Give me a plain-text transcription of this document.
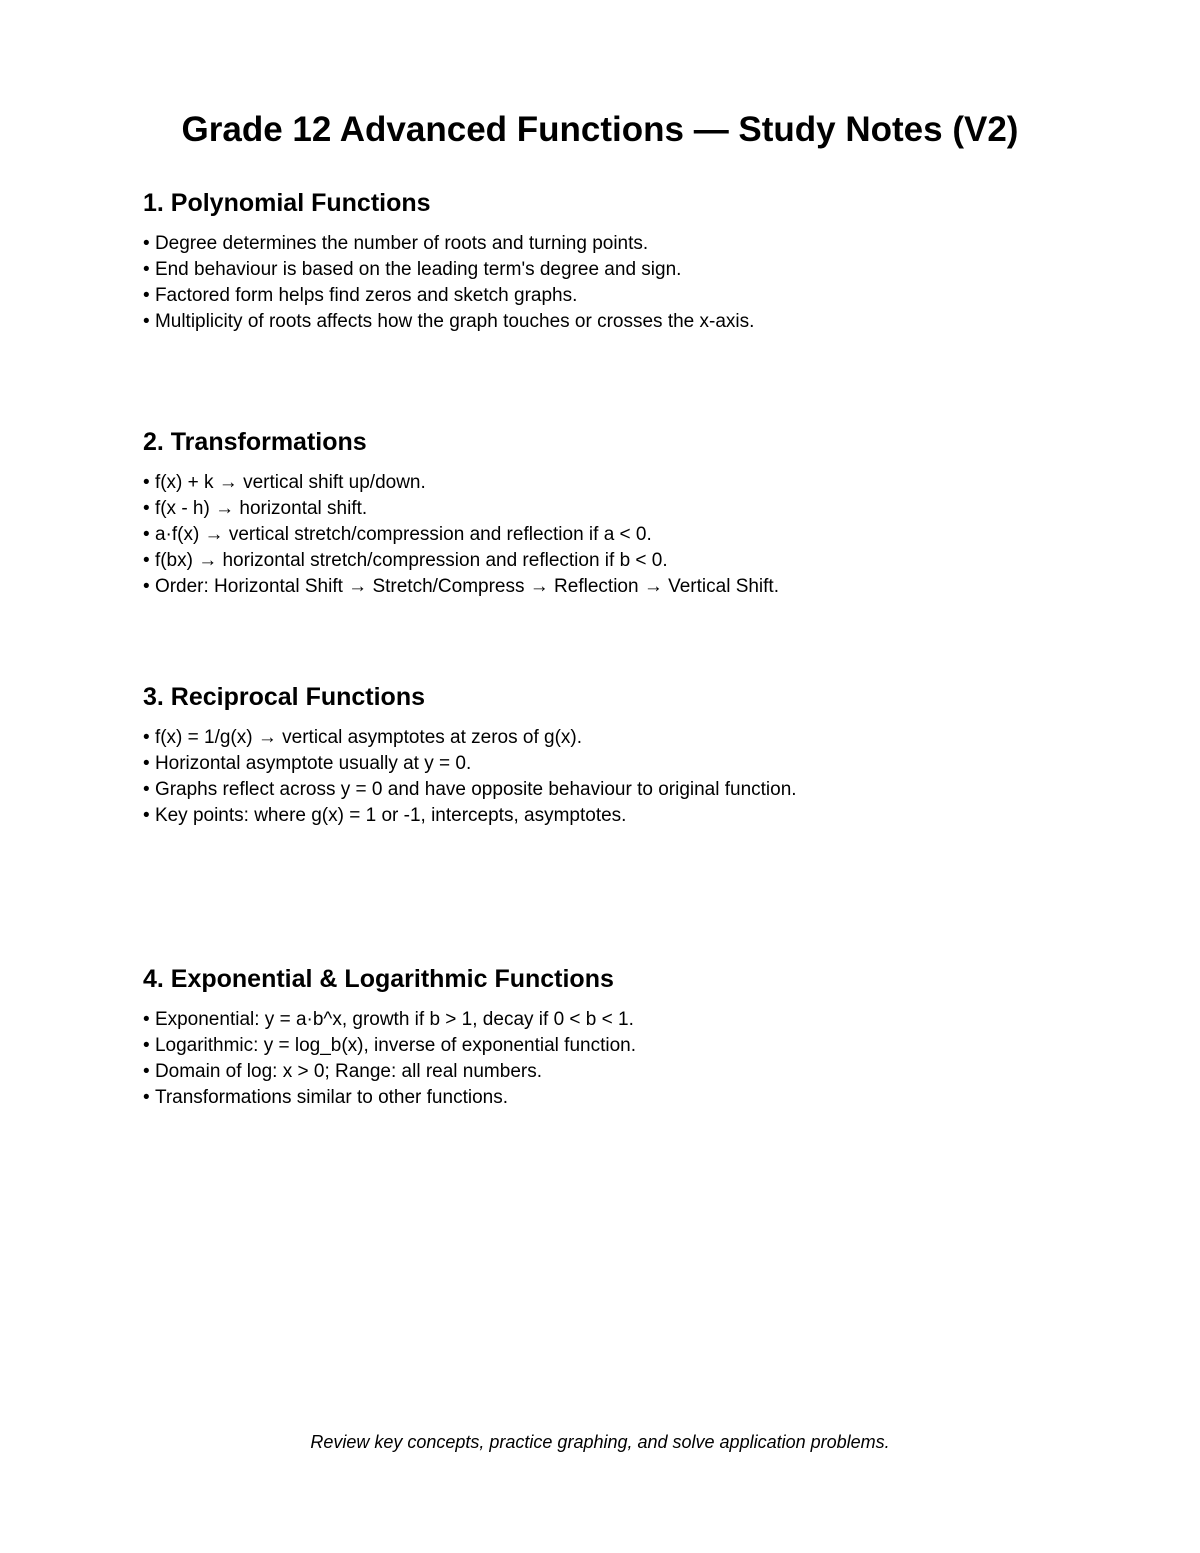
Grade 12 Advanced Functions — Study Notes (V2)
1. Polynomial Functions
• Degree determines the number of roots and turning points.
• End behaviour is based on the leading term's degree and sign.
• Factored form helps find zeros and sketch graphs.
• Multiplicity of roots affects how the graph touches or crosses the x-axis.
2. Transformations
• f(x) + k → vertical shift up/down.
• f(x - h) → horizontal shift.
• a·f(x) → vertical stretch/compression and reflection if a < 0.
• f(bx) → horizontal stretch/compression and reflection if b < 0.
• Order: Horizontal Shift → Stretch/Compress → Reflection → Vertical Shift.
3. Reciprocal Functions
• f(x) = 1/g(x) → vertical asymptotes at zeros of g(x).
• Horizontal asymptote usually at y = 0.
• Graphs reflect across y = 0 and have opposite behaviour to original function.
• Key points: where g(x) = 1 or -1, intercepts, asymptotes.
4. Exponential & Logarithmic Functions
• Exponential: y = a·b^x, growth if b > 1, decay if 0 < b < 1.
• Logarithmic: y = log_b(x), inverse of exponential function.
• Domain of log: x > 0; Range: all real numbers.
• Transformations similar to other functions.
Review key concepts, practice graphing, and solve application problems.
